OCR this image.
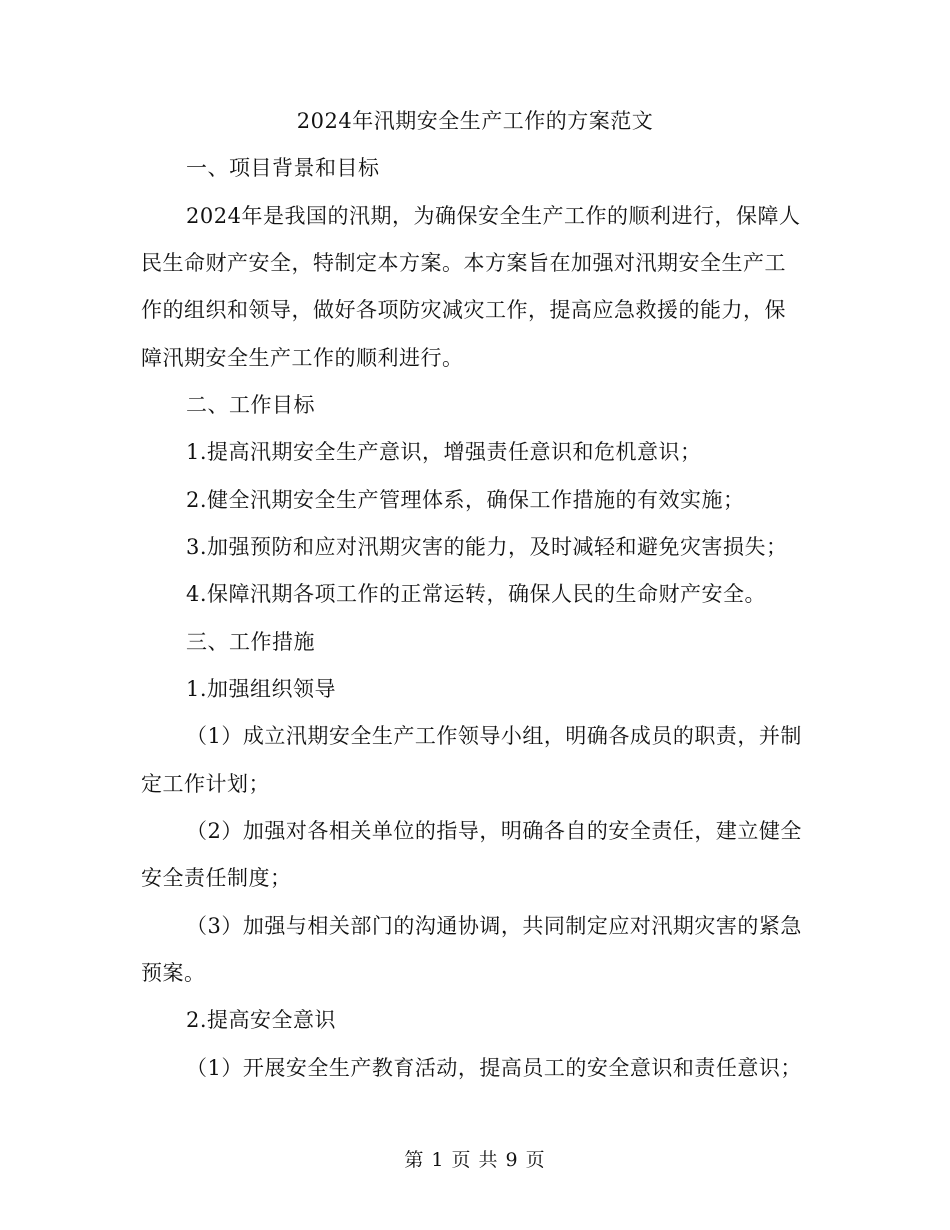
2024年汛期安全生产工作的方案范文
一、项目背景和目标
2024年是我国的汛期，为确保安全生产工作的顺利进行，保障人
民生命财产安全，特制定本方案。本方案旨在加强对汛期安全生产工
作的组织和领导，做好各项防灾减灾工作，提高应急救援的能力，保
障汛期安全生产工作的顺利进行。
二、工作目标
1.提高汛期安全生产意识，增强责任意识和危机意识；
2.健全汛期安全生产管理体系，确保工作措施的有效实施；
3.加强预防和应对汛期灾害的能力，及时减轻和避免灾害损失；
4.保障汛期各项工作的正常运转，确保人民的生命财产安全。
三、工作措施
1.加强组织领导
（1）成立汛期安全生产工作领导小组，明确各成员的职责，并制
定工作计划；
（2）加强对各相关单位的指导，明确各自的安全责任，建立健全
安全责任制度；
（3）加强与相关部门的沟通协调，共同制定应对汛期灾害的紧急
预案。
2.提高安全意识
（1）开展安全生产教育活动，提高员工的安全意识和责任意识；
第 1 页 共 9 页
